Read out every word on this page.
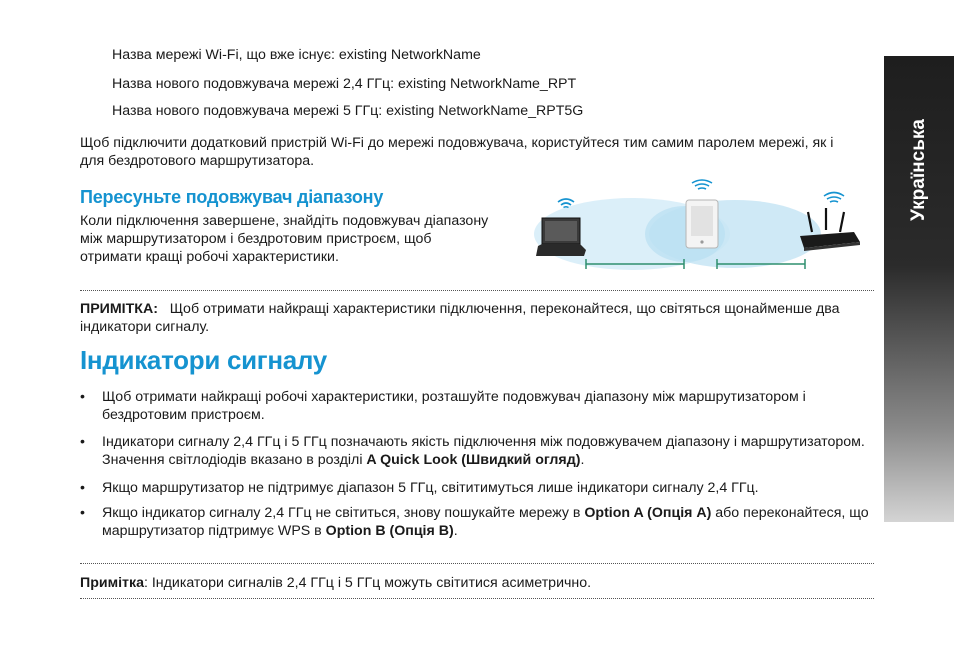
Назва мережі Wi-Fi, що вже існує: existing NetworkName
Назва нового подовжувача мережі 2,4 ГГц: existing NetworkName_RPT
Назва нового подовжувача мережі 5 ГГц: existing NetworkName_RPT5G
Щоб підключити додатковий пристрій Wi-Fi до мережі подовжувача, користуйтеся тим самим паролем мережі, як і для бездротового маршрутизатора.
Пересуньте подовжувач діапазону
Коли підключення завершене, знайдіть подовжувач діапазону між маршрутизатором і бездротовим пристроєм, щоб отримати кращі робочі характеристики.
ПРИМІТКА: Щоб отримати найкращі характеристики підключення, переконайтеся, що світяться щонайменше два індикатори сигналу.
Індикатори сигналу
• Щоб отримати найкращі робочі характеристики, розташуйте подовжувач діапазону між маршрутизатором і бездротовим пристроєм.
• Індикатори сигналу 2,4 ГГц і 5 ГГц позначають якість підключення між подовжувачем діапазону і маршрутизатором. Значення світлодіодів вказано в розділі A Quick Look (Швидкий огляд).
• Якщо маршрутизатор не підтримує діапазон 5 ГГц, світитимуться лише індикатори сигналу 2,4 ГГц.
• Якщо індикатор сигналу 2,4 ГГц не світиться, знову пошукайте мережу в Option A (Опція A) або переконайтеся, що маршрутизатор підтримує WPS в Option B (Опція B).
Примітка: Індикатори сигналів 2,4 ГГц і 5 ГГц можуть світитися асиметрично.
Українська
